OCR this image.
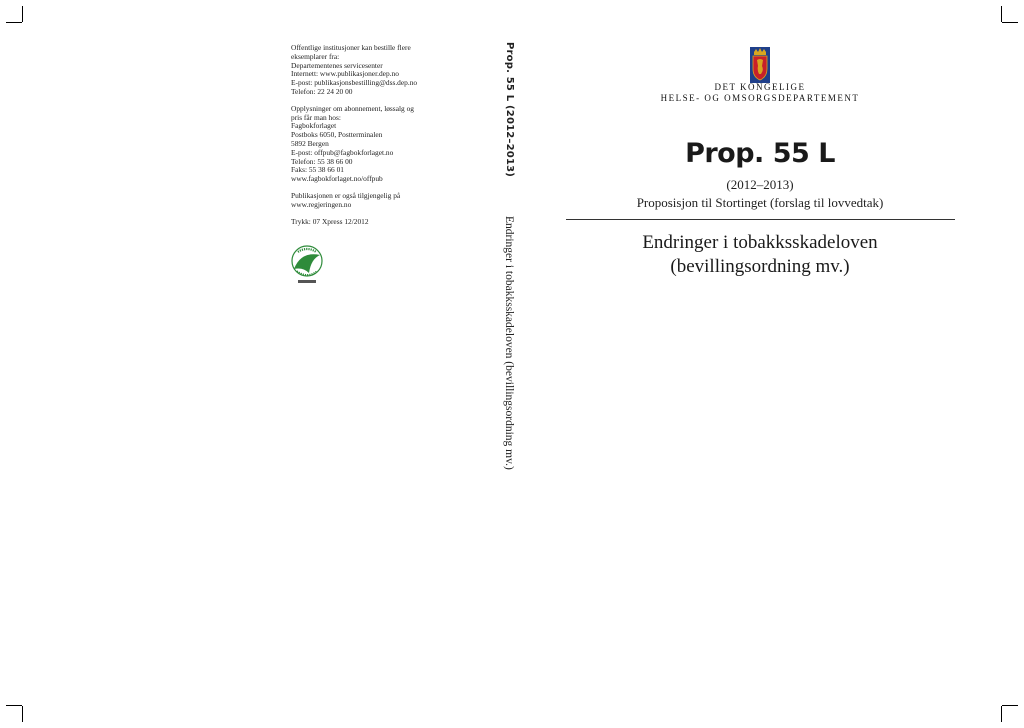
Offentlige institusjoner kan bestille flere
eksemplarer fra:
Departementenes servicesenter
Internett: www.publikasjoner.dep.no
E-post: publikasjonsbestilling@dss.dep.no
Telefon: 22 24 20 00
Opplysninger om abonnement, løssalg og
pris får man hos:
Fagbokforlaget
Postboks 6050, Postterminalen
5892 Bergen
E-post: offpub@fagbokforlaget.no
Telefon: 55 38 66 00
Faks: 55 38 66 01
www.fagbokforlaget.no/offpub
Publikasjonen er også tilgjengelig på
www.regjeringen.no
Trykk: 07 Xpress 12/2012
Prop. 55 L (2012–2013)
Endringer i tobakksskadeloven (bevillingsordning mv.)
DET KONGELIGE
HELSE- OG OMSORGSDEPARTEMENT
Prop. 55 L
(2012–2013)
Proposisjon til Stortinget (forslag til lovvedtak)
Endringer i tobakksskadeloven
(bevillingsordning mv.)
